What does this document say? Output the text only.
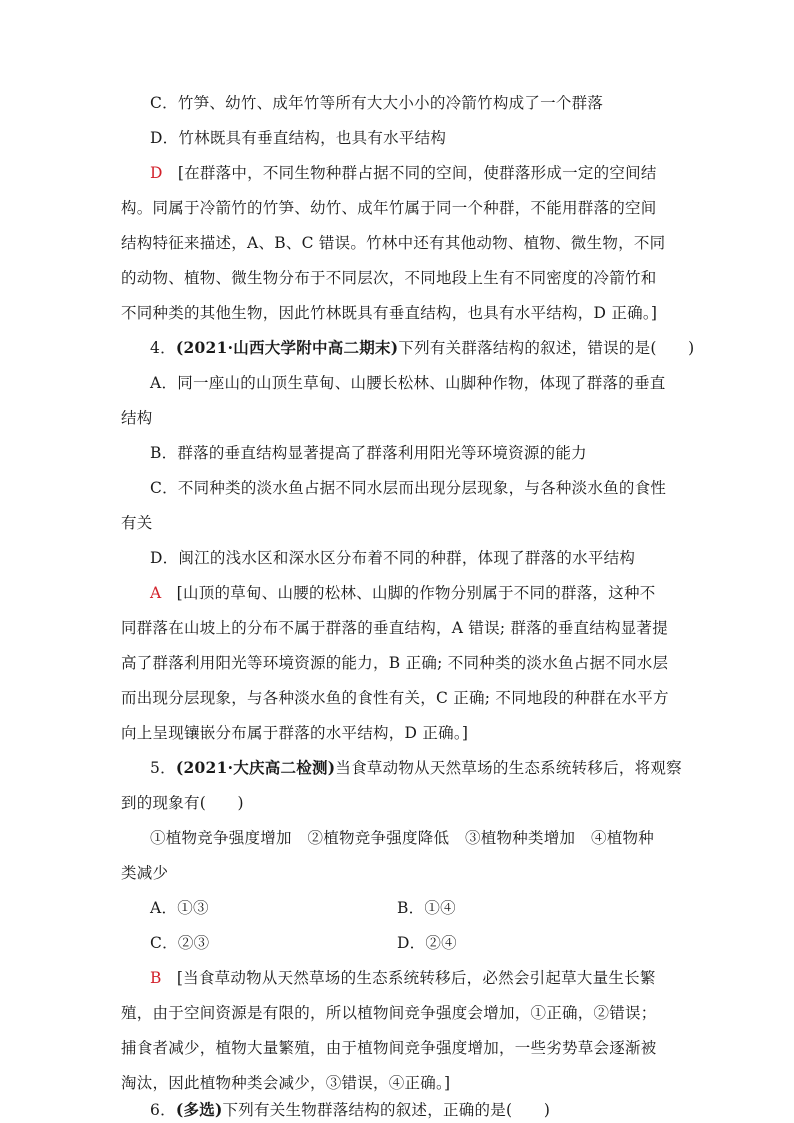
C．竹笋、幼竹、成年竹等所有大大小小的冷箭竹构成了一个群落
D．竹林既具有垂直结构，也具有水平结构
D [在群落中，不同生物种群占据不同的空间，使群落形成一定的空间结
构。同属于冷箭竹的竹笋、幼竹、成年竹属于同一个种群，不能用群落的空间
结构特征来描述，A、B、C 错误。竹林中还有其他动物、植物、微生物，不同
的动物、植物、微生物分布于不同层次，不同地段上生有不同密度的冷箭竹和
不同种类的其他生物，因此竹林既具有垂直结构，也具有水平结构，D 正确。]
4．(2021·山西大学附中高二期末)下列有关群落结构的叙述，错误的是(　　)
A．同一座山的山顶生草甸、山腰长松林、山脚种作物，体现了群落的垂直
结构
B．群落的垂直结构显著提高了群落利用阳光等环境资源的能力
C．不同种类的淡水鱼占据不同水层而出现分层现象，与各种淡水鱼的食性
有关
D．闽江的浅水区和深水区分布着不同的种群，体现了群落的水平结构
A [山顶的草甸、山腰的松林、山脚的作物分别属于不同的群落，这种不
同群落在山坡上的分布不属于群落的垂直结构，A 错误; 群落的垂直结构显著提
高了群落利用阳光等环境资源的能力，B 正确; 不同种类的淡水鱼占据不同水层
而出现分层现象，与各种淡水鱼的食性有关，C 正确; 不同地段的种群在水平方
向上呈现镶嵌分布属于群落的水平结构，D 正确。]
5．(2021·大庆高二检测)当食草动物从天然草场的生态系统转移后，将观察
到的现象有(　　)
①植物竞争强度增加　②植物竞争强度降低　③植物种类增加　④植物种
类减少
A．①③	B．①④
C．②③	D．②④
B [当食草动物从天然草场的生态系统转移后，必然会引起草大量生长繁
殖，由于空间资源是有限的，所以植物间竞争强度会增加，①正确，②错误；
捕食者减少，植物大量繁殖，由于植物间竞争强度增加，一些劣势草会逐渐被
淘汰，因此植物种类会减少，③错误，④正确。]
6．(多选)下列有关生物群落结构的叙述，正确的是(　　)
